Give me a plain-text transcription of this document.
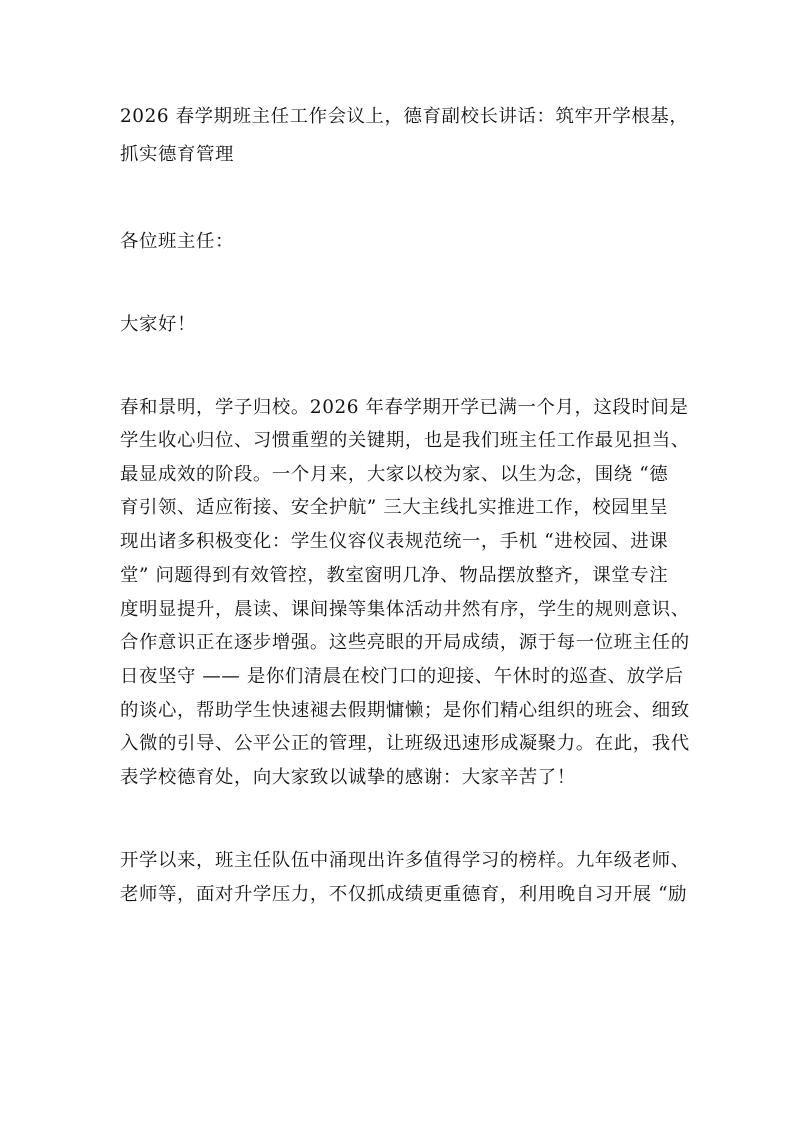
2026 春学期班主任工作会议上，德育副校长讲话：筑牢开学根基，
抓实德育管理
各位班主任：
大家好！
春和景明，学子归校。2026 年春学期开学已满一个月，这段时间是
学生收心归位、习惯重塑的关键期，也是我们班主任工作最见担当、
最显成效的阶段。一个月来，大家以校为家、以生为念，围绕 “德
育引领、适应衔接、安全护航” 三大主线扎实推进工作，校园里呈
现出诸多积极变化：学生仪容仪表规范统一，手机 “进校园、进课
堂” 问题得到有效管控，教室窗明几净、物品摆放整齐，课堂专注
度明显提升，晨读、课间操等集体活动井然有序，学生的规则意识、
合作意识正在逐步增强。这些亮眼的开局成绩，源于每一位班主任的
日夜坚守 —— 是你们清晨在校门口的迎接、午休时的巡查、放学后
的谈心，帮助学生快速褪去假期慵懒；是你们精心组织的班会、细致
入微的引导、公平公正的管理，让班级迅速形成凝聚力。在此，我代
表学校德育处，向大家致以诚挚的感谢：大家辛苦了！
开学以来，班主任队伍中涌现出许多值得学习的榜样。九年级老师、
老师等，面对升学压力，不仅抓成绩更重德育，利用晚自习开展 “励
